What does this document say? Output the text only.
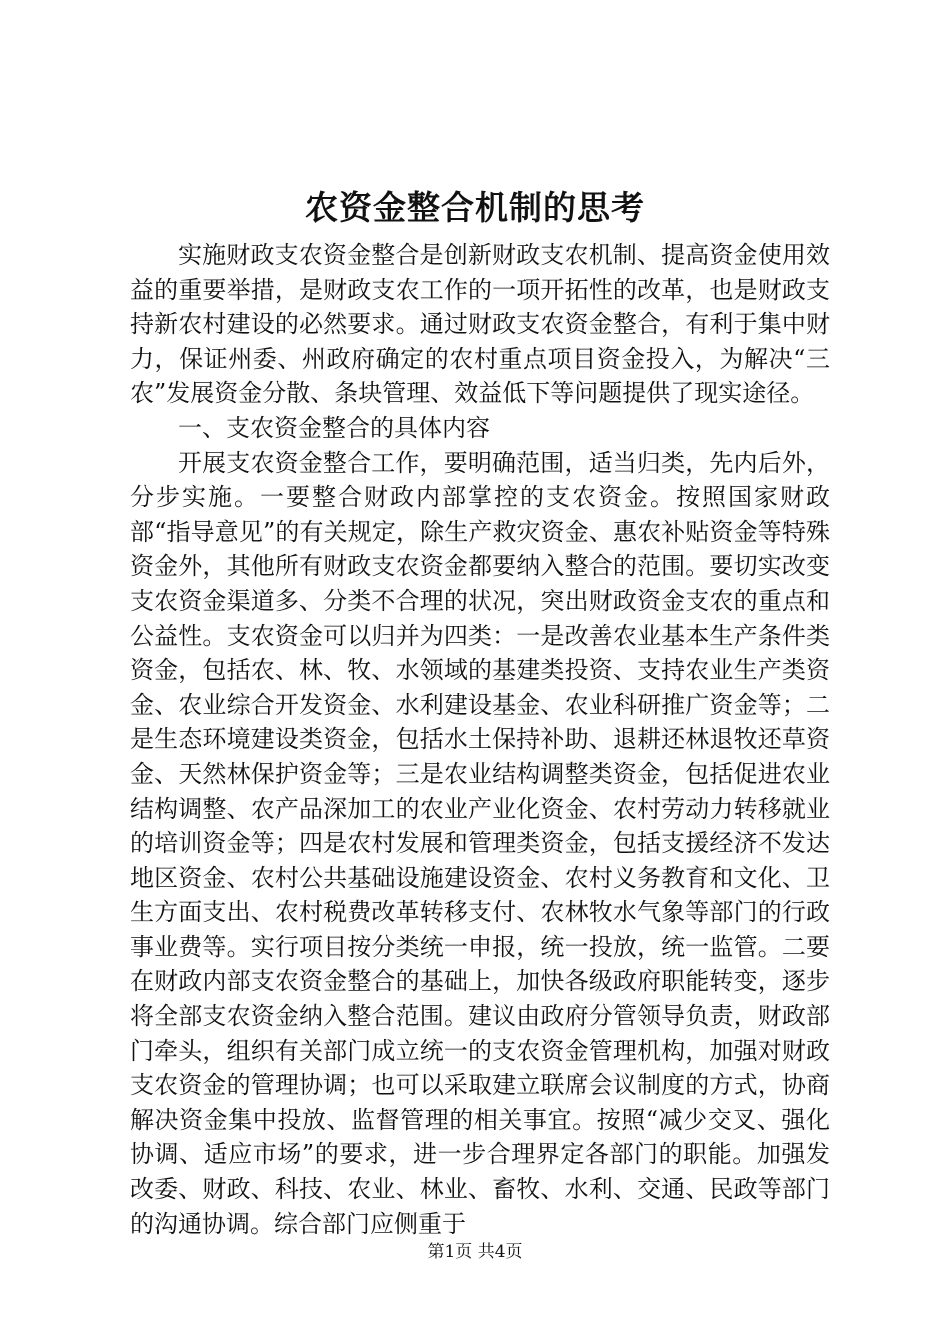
农资金整合机制的思考

实施财政支农资金整合是创新财政支农机制、提高资金使用效益的重要举措，是财政支农工作的一项开拓性的改革，也是财政支持新农村建设的必然要求。通过财政支农资金整合，有利于集中财力，保证州委、州政府确定的农村重点项目资金投入，为解决“三农”发展资金分散、条块管理、效益低下等问题提供了现实途径。

一、支农资金整合的具体内容

开展支农资金整合工作，要明确范围，适当归类，先内后外，分步实施。一要整合财政内部掌控的支农资金。按照国家财政部“指导意见”的有关规定，除生产救灾资金、惠农补贴资金等特殊资金外，其他所有财政支农资金都要纳入整合的范围。要切实改变支农资金渠道多、分类不合理的状况，突出财政资金支农的重点和公益性。支农资金可以归并为四类：一是改善农业基本生产条件类资金，包括农、林、牧、水领域的基建类投资、支持农业生产类资金、农业综合开发资金、水利建设基金、农业科研推广资金等；二是生态环境建设类资金，包括水土保持补助、退耕还林退牧还草资金、天然林保护资金等；三是农业结构调整类资金，包括促进农业结构调整、农产品深加工的农业产业化资金、农村劳动力转移就业的培训资金等；四是农村发展和管理类资金，包括支援经济不发达地区资金、农村公共基础设施建设资金、农村义务教育和文化、卫生方面支出、农村税费改革转移支付、农林牧水气象等部门的行政事业费等。实行项目按分类统一申报，统一投放，统一监管。二要在财政内部支农资金整合的基础上，加快各级政府职能转变，逐步将全部支农资金纳入整合范围。建议由政府分管领导负责，财政部门牵头，组织有关部门成立统一的支农资金管理机构，加强对财政支农资金的管理协调；也可以采取建立联席会议制度的方式，协商解决资金集中投放、监督管理的相关事宜。按照“减少交叉、强化协调、适应市场”的要求，进一步合理界定各部门的职能。加强发改委、财政、科技、农业、林业、畜牧、水利、交通、民政等部门的沟通协调。综合部门应侧重于

第1页 共4页
